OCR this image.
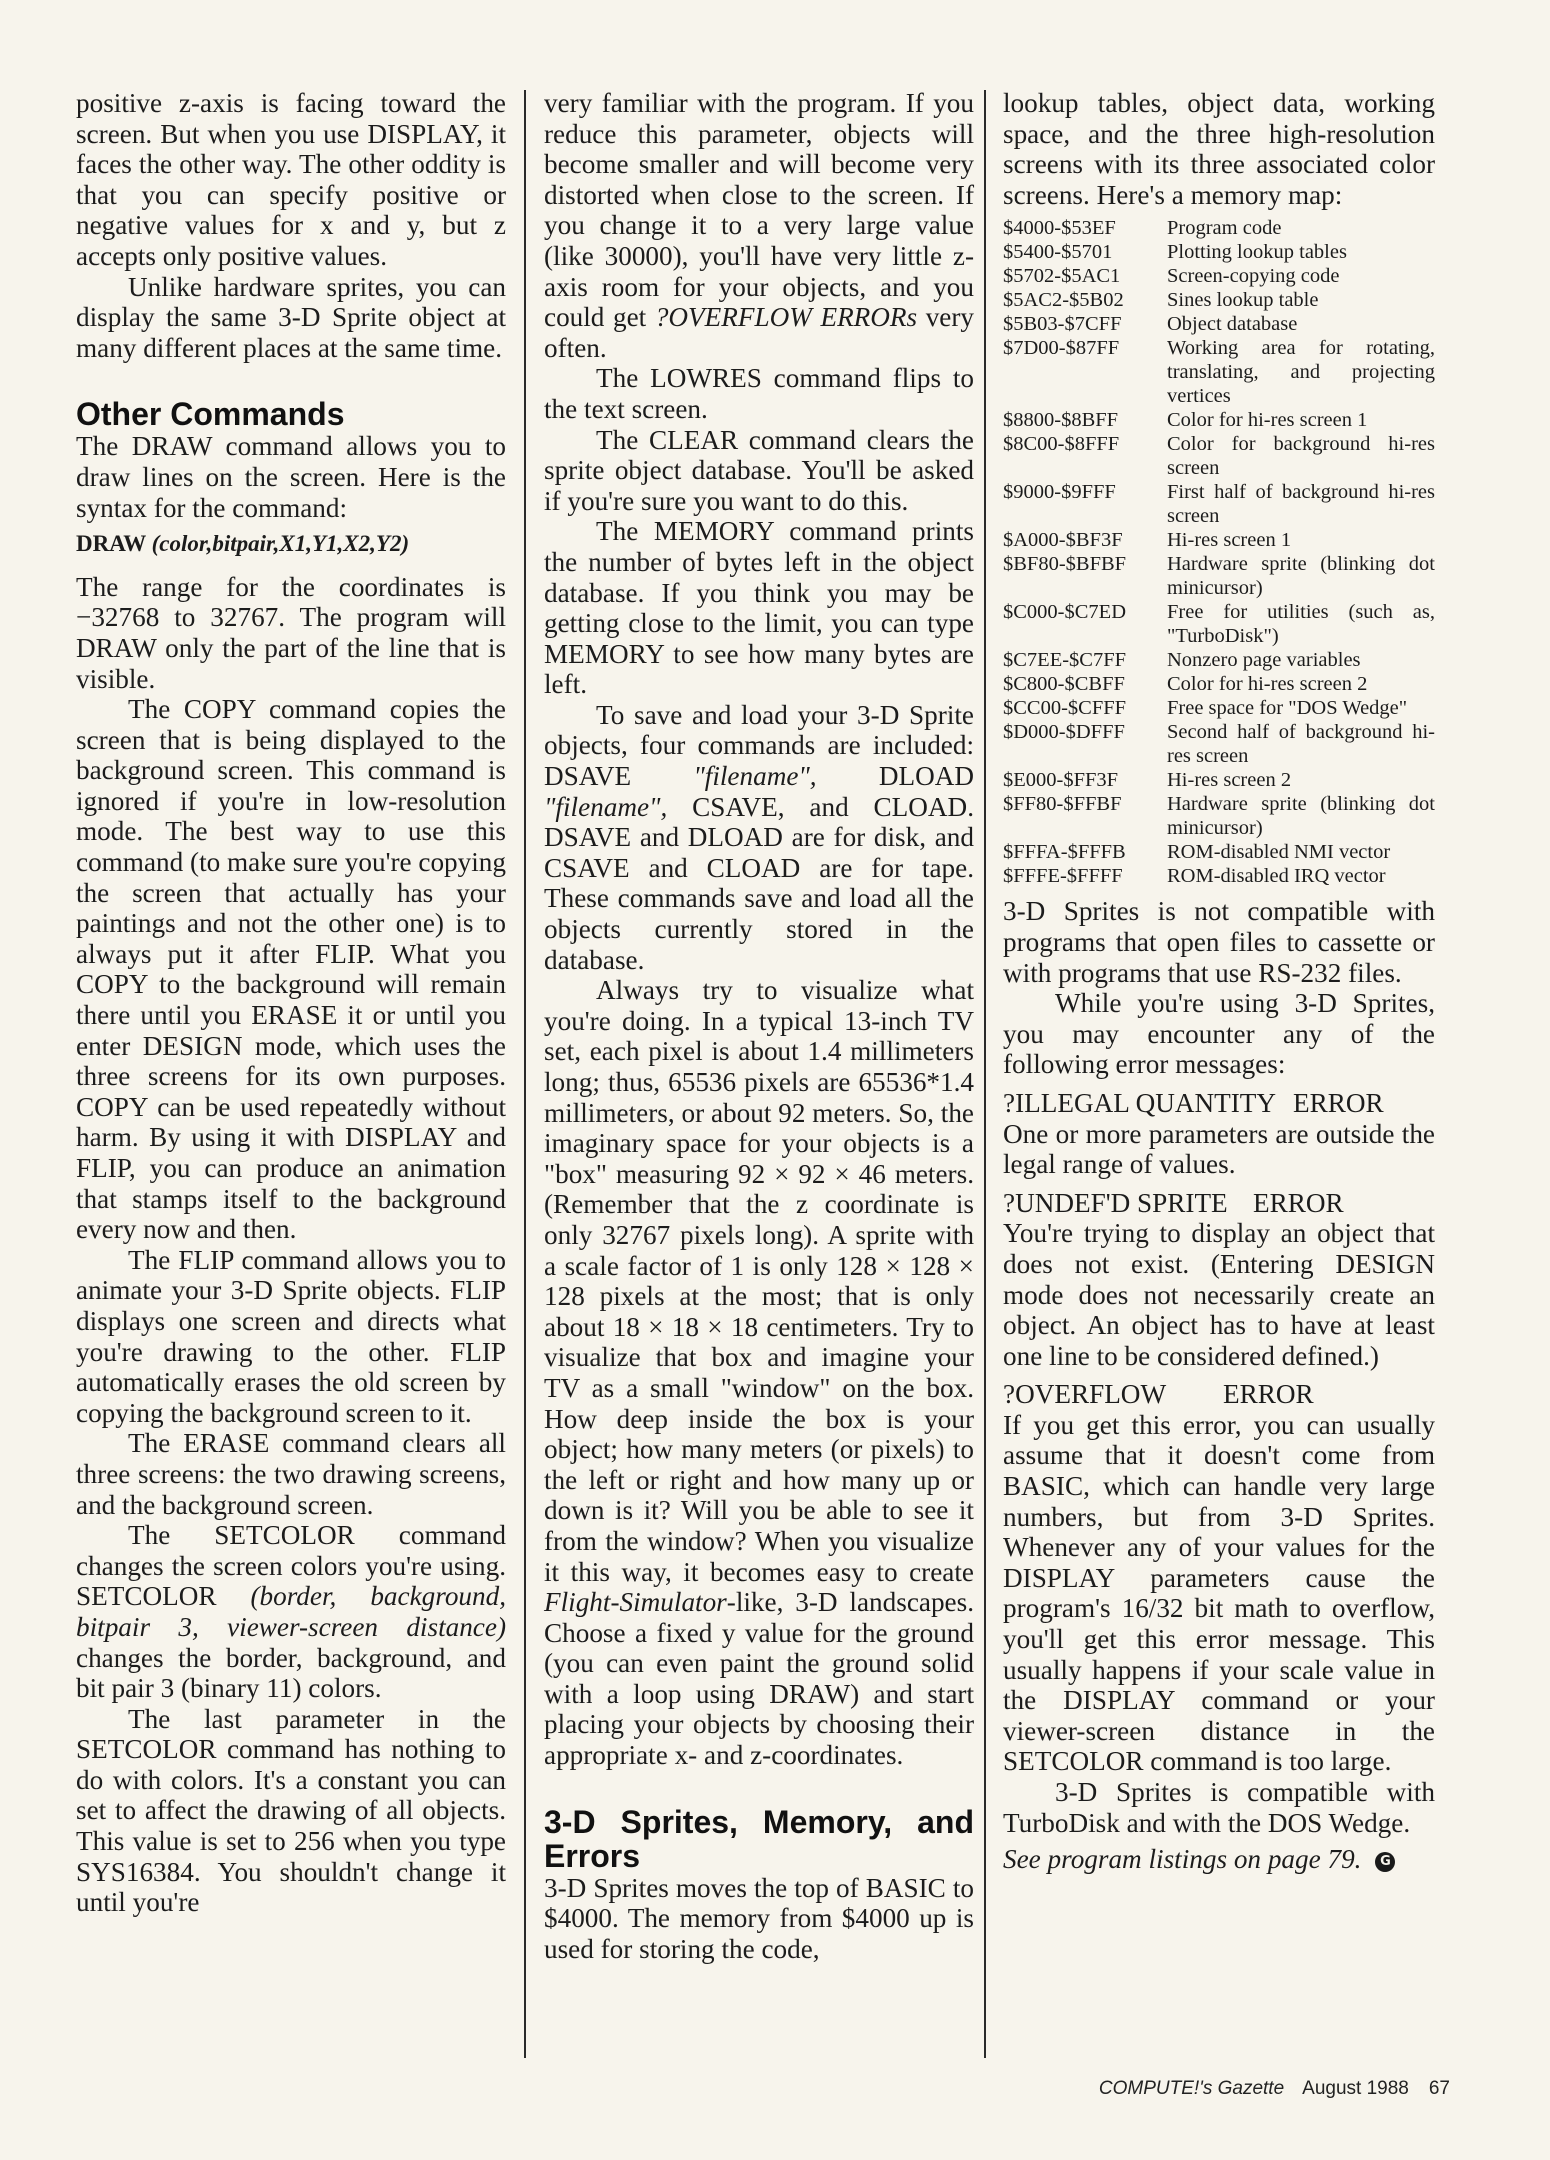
positive z-axis is facing toward the screen. But when you use DISPLAY, it faces the other way. The other oddity is that you can specify positive or negative values for x and y, but z accepts only positive values.

Unlike hardware sprites, you can display the same 3-D Sprite object at many different places at the same time.

Other Commands

The DRAW command allows you to draw lines on the screen. Here is the syntax for the command:

DRAW (color,bitpair,X1,Y1,X2,Y2)

The range for the coordinates is −32768 to 32767. The program will DRAW only the part of the line that is visible.

The COPY command copies the screen that is being displayed to the background screen. This command is ignored if you're in low-resolution mode. The best way to use this command (to make sure you're copying the screen that actually has your paintings and not the other one) is to always put it after FLIP. What you COPY to the background will remain there until you ERASE it or until you enter DESIGN mode, which uses the three screens for its own purposes. COPY can be used repeatedly without harm. By using it with DISPLAY and FLIP, you can produce an animation that stamps itself to the background every now and then.

The FLIP command allows you to animate your 3-D Sprite objects. FLIP displays one screen and directs what you're drawing to the other. FLIP automatically erases the old screen by copying the background screen to it.

The ERASE command clears all three screens: the two drawing screens, and the background screen.

The SETCOLOR command changes the screen colors you're using. SETCOLOR (border, background, bitpair 3, viewer-screen distance) changes the border, background, and bit pair 3 (binary 11) colors.

The last parameter in the SETCOLOR command has nothing to do with colors. It's a constant you can set to affect the drawing of all objects. This value is set to 256 when you type SYS16384. You shouldn't change it until you're

very familiar with the program. If you reduce this parameter, objects will become smaller and will become very distorted when close to the screen. If you change it to a very large value (like 30000), you'll have very little z-axis room for your objects, and you could get ?OVERFLOW ERRORs very often.

The LOWRES command flips to the text screen.

The CLEAR command clears the sprite object database. You'll be asked if you're sure you want to do this.

The MEMORY command prints the number of bytes left in the object database. If you think you may be getting close to the limit, you can type MEMORY to see how many bytes are left.

To save and load your 3-D Sprite objects, four commands are included: DSAVE "filename", DLOAD "filename", CSAVE, and CLOAD. DSAVE and DLOAD are for disk, and CSAVE and CLOAD are for tape. These commands save and load all the objects currently stored in the database.

Always try to visualize what you're doing. In a typical 13-inch TV set, each pixel is about 1.4 millimeters long; thus, 65536 pixels are 65536*1.4 millimeters, or about 92 meters. So, the imaginary space for your objects is a "box" measuring 92 × 92 × 46 meters. (Remember that the z coordinate is only 32767 pixels long). A sprite with a scale factor of 1 is only 128 × 128 × 128 pixels at the most; that is only about 18 × 18 × 18 centimeters. Try to visualize that box and imagine your TV as a small "window" on the box. How deep inside the box is your object; how many meters (or pixels) to the left or right and how many up or down is it? Will you be able to see it from the window? When you visualize it this way, it becomes easy to create Flight-Simulator-like, 3-D landscapes. Choose a fixed y value for the ground (you can even paint the ground solid with a loop using DRAW) and start placing your objects by choosing their appropriate x- and z-coordinates.

3-D Sprites, Memory, and Errors

3-D Sprites moves the top of BASIC to $4000. The memory from $4000 up is used for storing the code,

lookup tables, object data, working space, and the three high-resolution screens with its three associated color screens. Here's a memory map:

$4000-$53EF	Program code
$5400-$5701	Plotting lookup tables
$5702-$5AC1	Screen-copying code
$5AC2-$5B02	Sines lookup table
$5B03-$7CFF	Object database
$7D00-$87FF	Working area for rotating, translating, and projecting vertices
$8800-$8BFF	Color for hi-res screen 1
$8C00-$8FFF	Color for background hi-res screen
$9000-$9FFF	First half of background hi-res screen
$A000-$BF3F	Hi-res screen 1
$BF80-$BFBF	Hardware sprite (blinking dot minicursor)
$C000-$C7ED	Free for utilities (such as, "TurboDisk")
$C7EE-$C7FF	Nonzero page variables
$C800-$CBFF	Color for hi-res screen 2
$CC00-$CFFF	Free space for "DOS Wedge"
$D000-$DFFF	Second half of background hi-res screen
$E000-$FF3F	Hi-res screen 2
$FF80-$FFBF	Hardware sprite (blinking dot minicursor)
$FFFA-$FFFB	ROM-disabled NMI vector
$FFFE-$FFFF	ROM-disabled IRQ vector

3-D Sprites is not compatible with programs that open files to cassette or with programs that use RS-232 files.

While you're using 3-D Sprites, you may encounter any of the following error messages:

?ILLEGAL QUANTITY ERROR

One or more parameters are outside the legal range of values.

?UNDEF'D SPRITE ERROR

You're trying to display an object that does not exist. (Entering DESIGN mode does not necessarily create an object. An object has to have at least one line to be considered defined.)

?OVERFLOW ERROR

If you get this error, you can usually assume that it doesn't come from BASIC, which can handle very large numbers, but from 3-D Sprites. Whenever any of your values for the DISPLAY parameters cause the program's 16/32 bit math to overflow, you'll get this error message. This usually happens if your scale value in the DISPLAY command or your viewer-screen distance in the SETCOLOR command is too large.

3-D Sprites is compatible with TurboDisk and with the DOS Wedge.

See program listings on page 79. G

COMPUTE!'s Gazette August 1988 67
